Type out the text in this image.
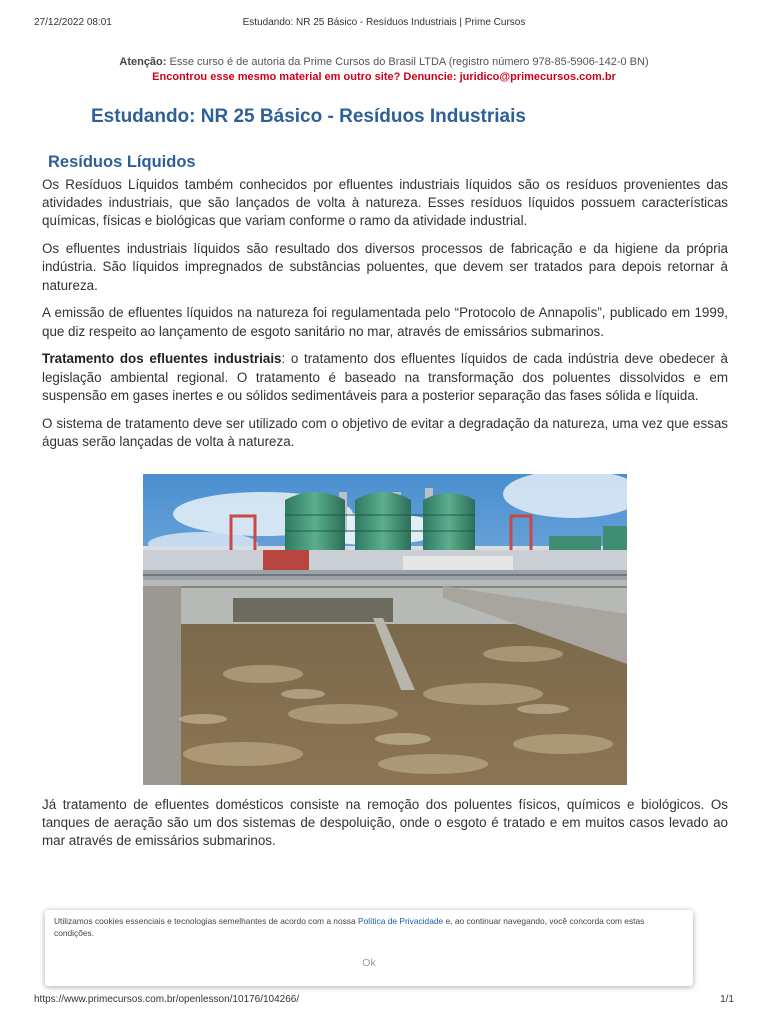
27/12/2022 08:01	Estudando: NR 25 Básico - Resíduos Industriais | Prime Cursos
Atenção: Esse curso é de autoria da Prime Cursos do Brasil LTDA (registro número 978-85-5906-142-0 BN)
Encontrou esse mesmo material em outro site? Denuncie: juridico@primecursos.com.br
Estudando: NR 25 Básico - Resíduos Industriais
Resíduos Líquidos

Os Resíduos Líquidos também conhecidos por efluentes industriais líquidos são os resíduos provenientes das atividades industriais, que são lançados de volta à natureza. Esses resíduos líquidos possuem características químicas, físicas e biológicas que variam conforme o ramo da atividade industrial.

Os efluentes industriais líquidos são resultado dos diversos processos de fabricação e da higiene da própria indústria. São líquidos impregnados de substâncias poluentes, que devem ser tratados para depois retornar à natureza.

A emissão de efluentes líquidos na natureza foi regulamentada pelo “Protocolo de Annapolis”, publicado em 1999, que diz respeito ao lançamento de esgoto sanitário no mar, através de emissários submarinos.

Tratamento dos efluentes industriais: o tratamento dos efluentes líquidos de cada indústria deve obedecer à legislação ambiental regional. O tratamento é baseado na transformação dos poluentes dissolvidos e em suspensão em gases inertes e ou sólidos sedimentáveis para a posterior separação das fases sólida e líquida.

O sistema de tratamento deve ser utilizado com o objetivo de evitar a degradação da natureza, uma vez que essas águas serão lançadas de volta à natureza.

Já tratamento de efluentes domésticos consiste na remoção dos poluentes físicos, químicos e biológicos. Os tanques de aeração são um dos sistemas de despoluição, onde o esgoto é tratado e em muitos casos levado ao mar através de emissários submarinos.
Utilizamos cookies essenciais e tecnologias semelhantes de acordo com a nossa Política de Privacidade e, ao continuar navegando, você concorda com estas condições.
Ok
https://www.primecursos.com.br/openlesson/10176/104266/	1/1
